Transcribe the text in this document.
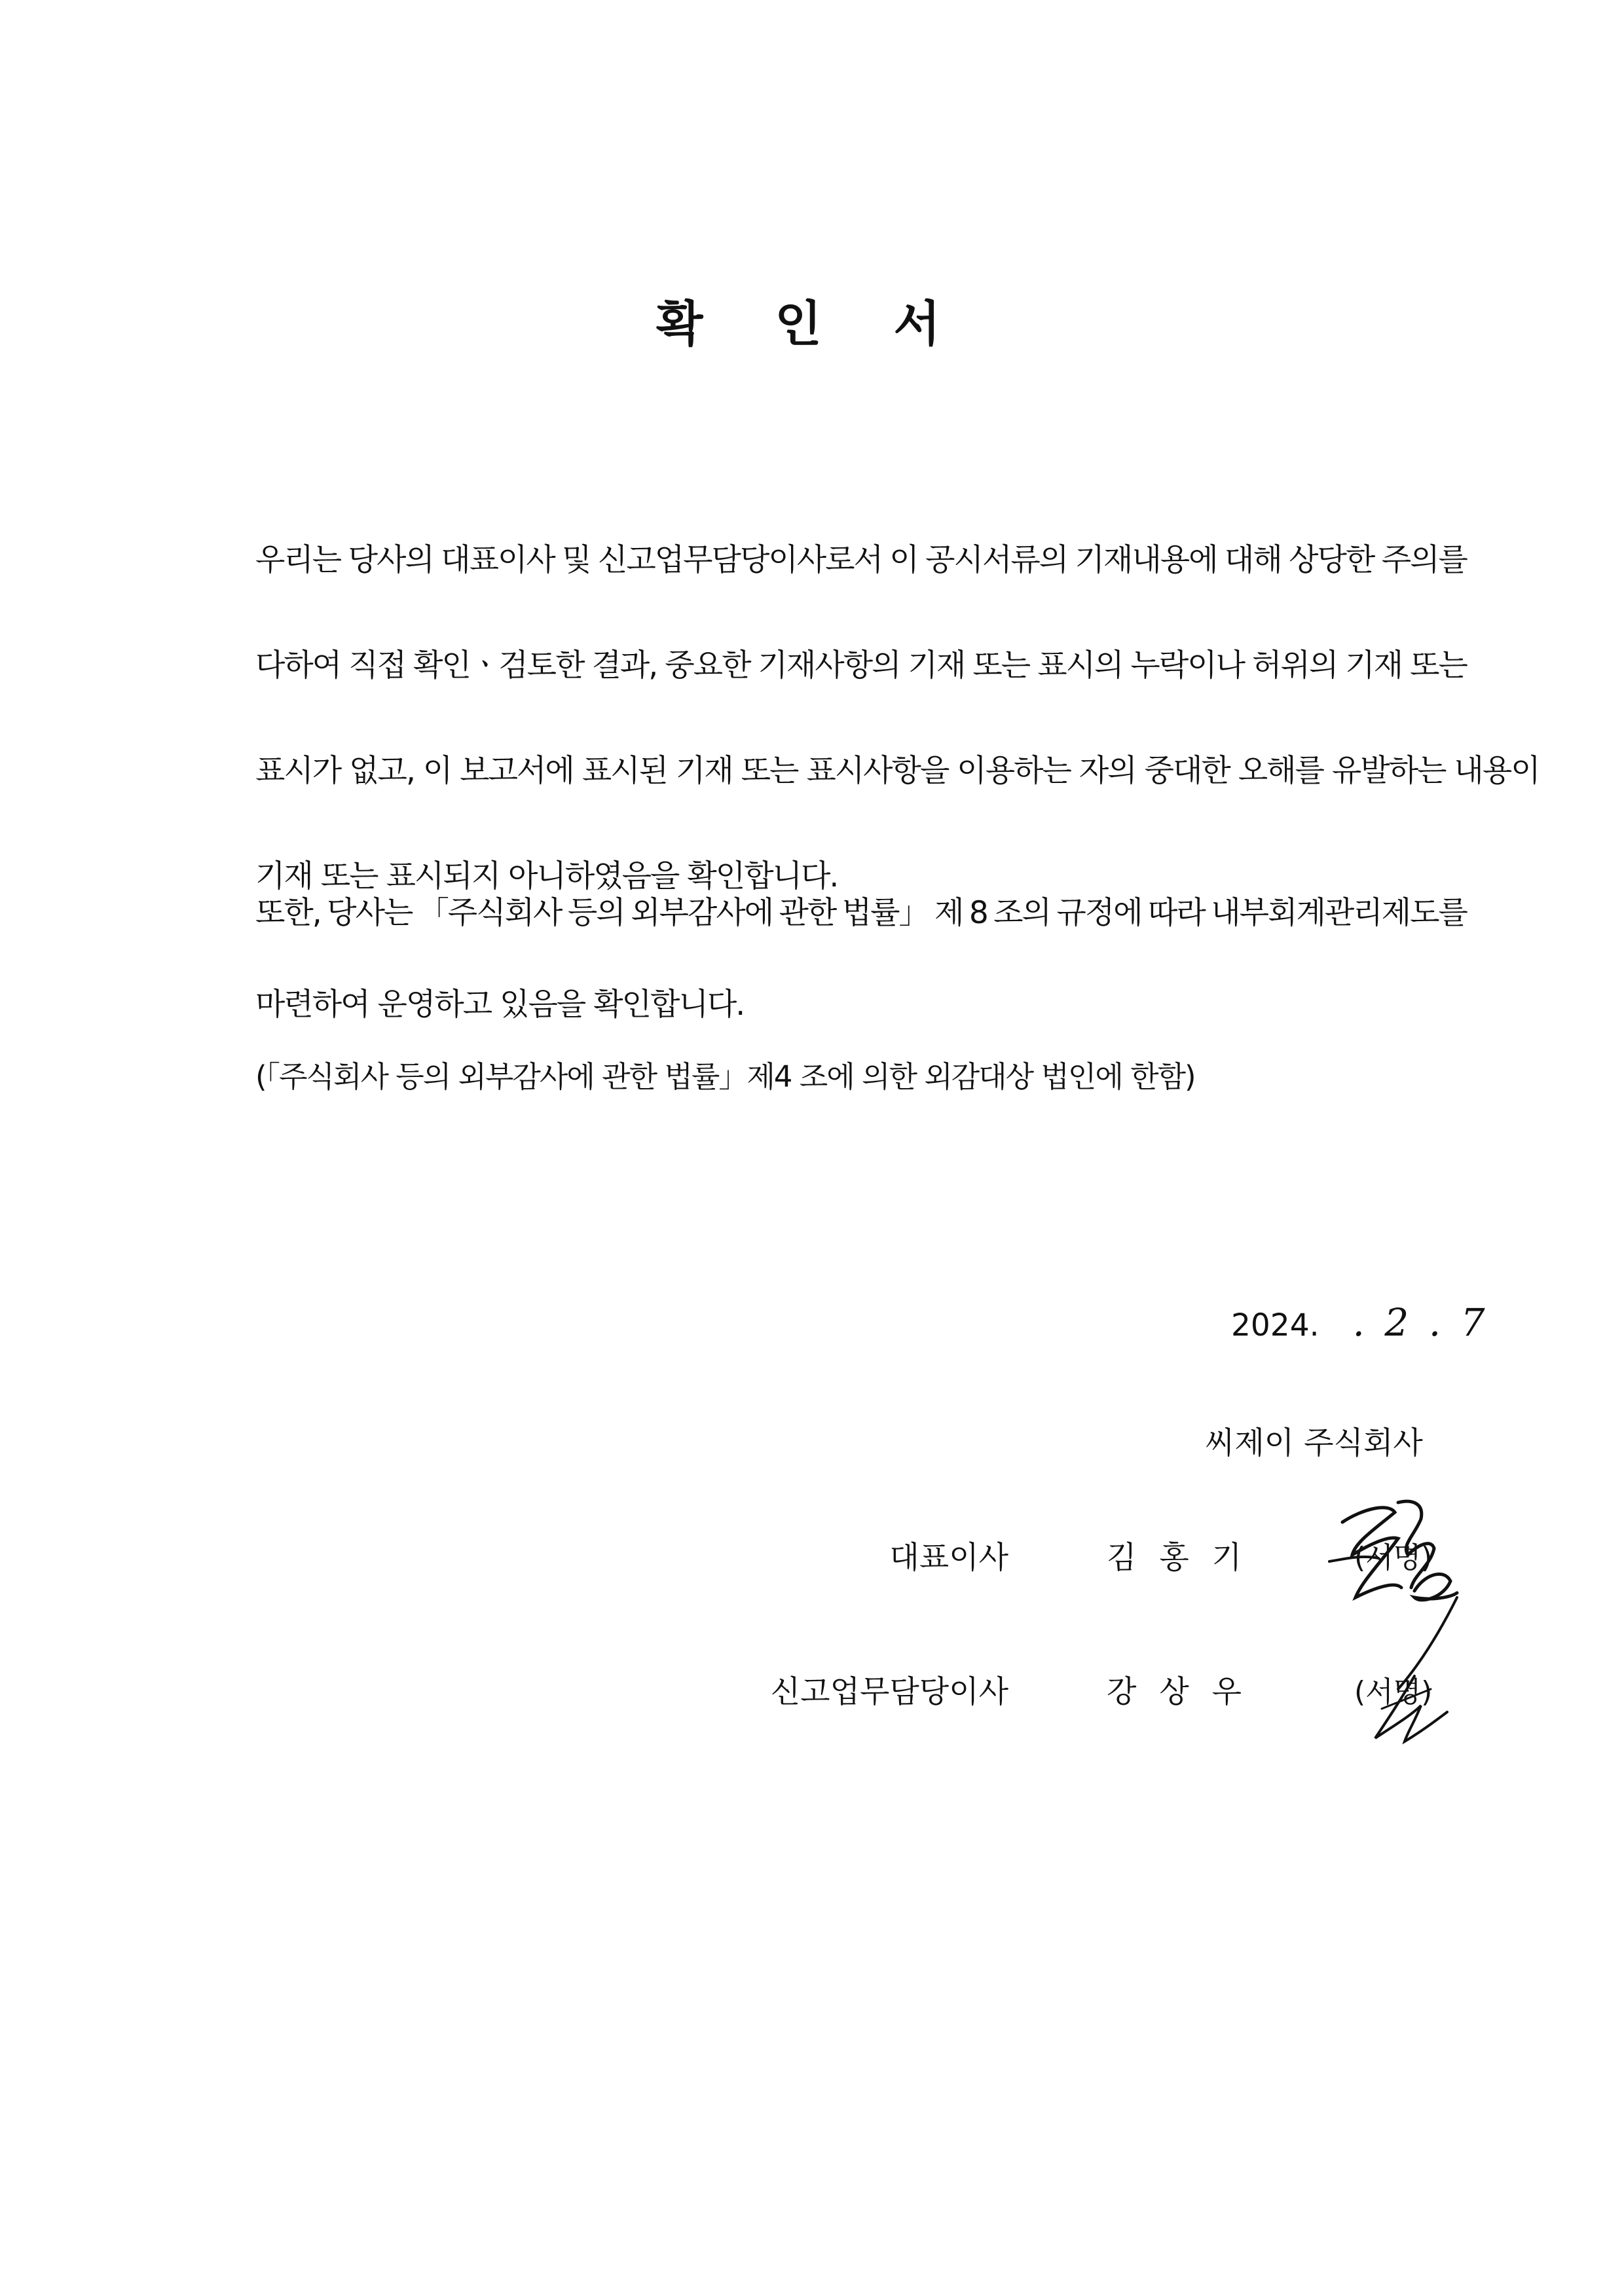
확 인 서
우리는 당사의 대표이사 및 신고업무담당이사로서 이 공시서류의 기재내용에 대해 상당한 주의를
다하여 직접 확인ㆍ검토한 결과, 중요한 기재사항의 기재 또는 표시의 누락이나 허위의 기재 또는
표시가 없고, 이 보고서에 표시된 기재 또는 표시사항을 이용하는 자의 중대한 오해를 유발하는 내용이
기재 또는 표시되지 아니하였음을 확인합니다.
또한, 당사는 「주식회사 등의 외부감사에 관한 법률」 제 8 조의 규정에 따라 내부회계관리제도를
마련하여 운영하고 있음을 확인합니다.
(「주식회사 등의 외부감사에 관한 법률」제4 조에 의한 외감대상 법인에 한함)
2024. . 2 . 7
씨제이 주식회사
대표이사	김 홍 기	(서명)
신고업무담당이사	강 상 우	(서명)
